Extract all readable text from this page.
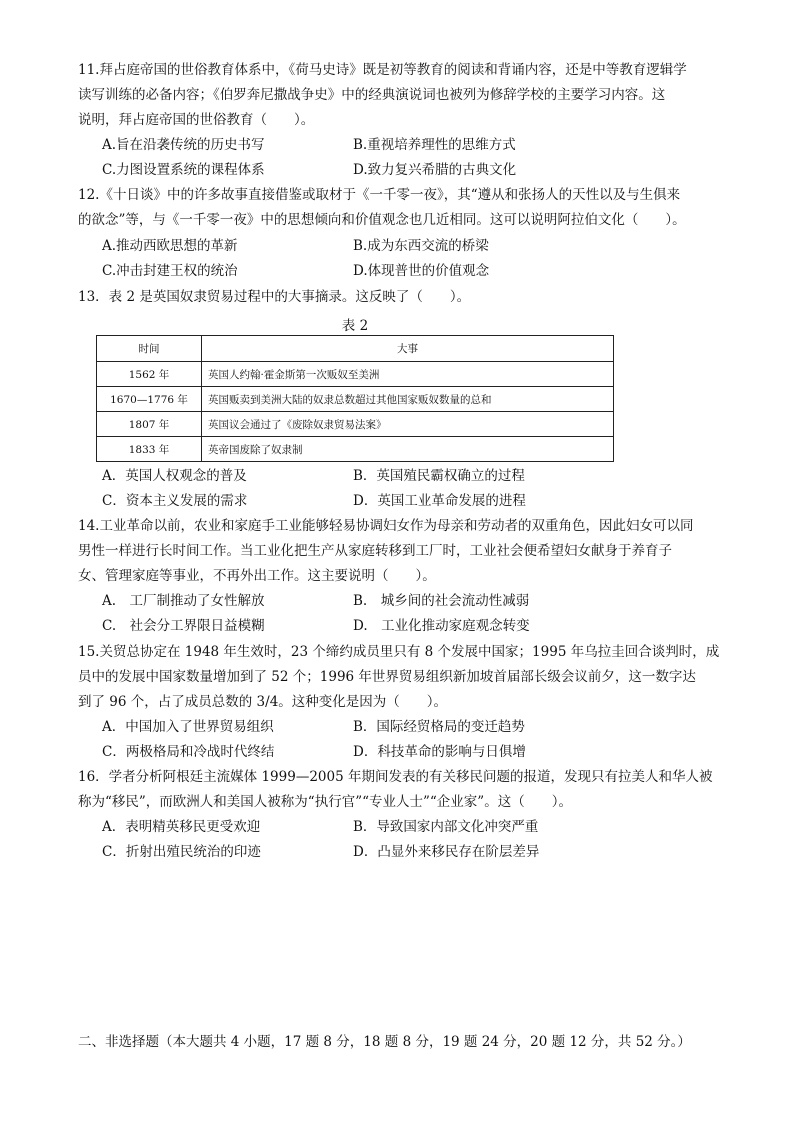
11.拜占庭帝国的世俗教育体系中，《荷马史诗》既是初等教育的阅读和背诵内容，还是中等教育逻辑学
读写训练的必备内容；《伯罗奔尼撒战争史》中的经典演说词也被列为修辞学校的主要学习内容。这
说明，拜占庭帝国的世俗教育（　　）。
A.旨在沿袭传统的历史书写	B.重视培养理性的思维方式
C.力图设置系统的课程体系	D.致力复兴希腊的古典文化
12.《十日谈》中的许多故事直接借鉴或取材于《一千零一夜》，其“遵从和张扬人的天性以及与生俱来
的欲念”等，与《一千零一夜》中的思想倾向和价值观念也几近相同。这可以说明阿拉伯文化（　　）。
A.推动西欧思想的革新	B.成为东西交流的桥梁
C.冲击封建王权的统治	D.体现普世的价值观念
13．表 2 是英国奴隶贸易过程中的大事摘录。这反映了（　　）。
表 2
时间	大事
1562 年	英国人约翰·霍金斯第一次贩奴至美洲
1670—1776 年	英国贩卖到美洲大陆的奴隶总数超过其他国家贩奴数量的总和
1807 年	英国议会通过了《废除奴隶贸易法案》
1833 年	英帝国废除了奴隶制
A．英国人权观念的普及	B．英国殖民霸权确立的过程
C．资本主义发展的需求	D．英国工业革命发展的进程
14.工业革命以前，农业和家庭手工业能够轻易协调妇女作为母亲和劳动者的双重角色，因此妇女可以同
男性一样进行长时间工作。当工业化把生产从家庭转移到工厂时，工业社会便希望妇女献身于养育子
女、管理家庭等事业，不再外出工作。这主要说明（　　）。
A.　工厂制推动了女性解放	B.　城乡间的社会流动性减弱
C.　社会分工界限日益模糊	D.　工业化推动家庭观念转变
15.关贸总协定在 1948 年生效时，23 个缔约成员里只有 8 个发展中国家；1995 年乌拉圭回合谈判时，成
员中的发展中国家数量增加到了 52 个；1996 年世界贸易组织新加坡首届部长级会议前夕，这一数字达
到了 96 个，占了成员总数的 3/4。这种变化是因为（　　）。
A．中国加入了世界贸易组织	B．国际经贸格局的变迁趋势
C．两极格局和冷战时代终结	D．科技革命的影响与日俱增
16．学者分析阿根廷主流媒体 1999—2005 年期间发表的有关移民问题的报道，发现只有拉美人和华人被
称为“移民”，而欧洲人和美国人被称为“执行官”“专业人士”“企业家”。这（　　）。
A．表明精英移民更受欢迎	B．导致国家内部文化冲突严重
C．折射出殖民统治的印迹	D．凸显外来移民存在阶层差异
二、非选择题（本大题共 4 小题，17 题 8 分，18 题 8 分，19 题 24 分，20 题 12 分，共 52 分。）
